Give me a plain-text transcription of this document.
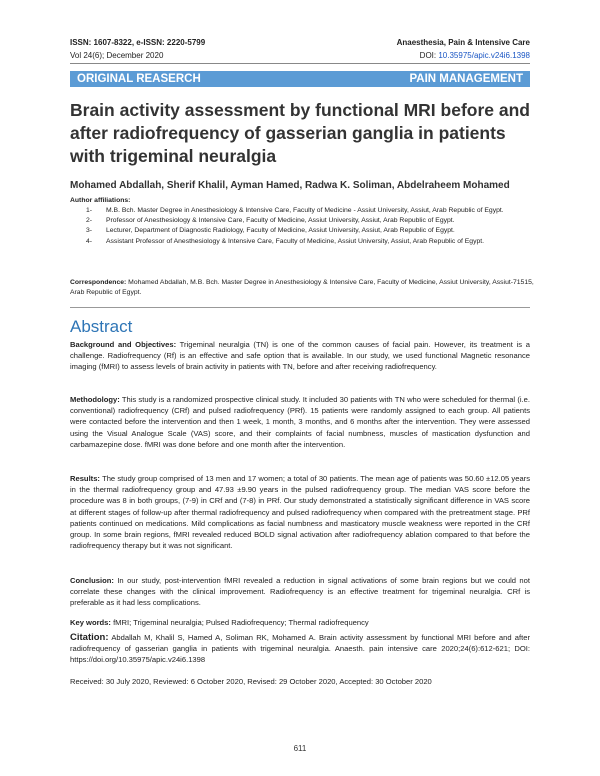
ISSN: 1607-8322, e-ISSN: 2220-5799	Anaesthesia, Pain & Intensive Care
Vol 24(6); December 2020	DOI: 10.35975/apic.v24i6.1398
ORIGINAL REASERCH	PAIN MANAGEMENT
Brain activity assessment by functional MRI before and after radiofrequency of gasserian ganglia in patients with trigeminal neuralgia
Mohamed Abdallah, Sherif Khalil, Ayman Hamed, Radwa K. Soliman, Abdelraheem Mohamed
Author affiliations:
1-	M.B. Bch. Master Degree in Anesthesiology & Intensive Care, Faculty of Medicine - Assiut University, Assiut, Arab Republic of Egypt.
2-	Professor of Anesthesiology & Intensive Care, Faculty of Medicine, Assiut University, Assiut, Arab Republic of Egypt.
3-	Lecturer, Department of Diagnostic Radiology, Faculty of Medicine, Assiut University, Assiut, Arab Republic of Egypt.
4-	Assistant Professor of Anesthesiology & Intensive Care, Faculty of Medicine, Assiut University, Assiut, Arab Republic of Egypt.
Correspondence: Mohamed Abdallah, M.B. Bch. Master Degree in Anesthesiology & Intensive Care, Faculty of Medicine, Assiut University, Assiut-71515, Arab Republic of Egypt.
Abstract
Background and Objectives: Trigeminal neuralgia (TN) is one of the common causes of facial pain. However, its treatment is a challenge. Radiofrequency (Rf) is an effective and safe option that is available. In our study, we used functional Magnetic resonance imaging (fMRI) to assess levels of brain activity in patients with TN, before and after receiving radiofrequency.
Methodology: This study is a randomized prospective clinical study. It included 30 patients with TN who were scheduled for thermal (i.e. conventional) radiofrequency (CRf) and pulsed radiofrequency (PRf). 15 patients were randomly assigned to each group. All patients were contacted before the intervention and then 1 week, 1 month, 3 months, and 6 months after the intervention. They were assessed using the Visual Analogue Scale (VAS) score, and their complaints of facial numbness, muscles of mastication dysfunction and carbamazepine dose. fMRI was done before and one month after the intervention.
Results: The study group comprised of 13 men and 17 women; a total of 30 patients. The mean age of patients was 50.60 ±12.05 years in the thermal radiofrequency group and 47.93 ±9.90 years in the pulsed radiofrequency group. The median VAS score before the procedure was 8 in both groups, (7-9) in CRf and (7-8) in PRf. Our study demonstrated a statistically significant difference in VAS score at different stages of follow-up after thermal radiofrequency and pulsed radiofrequency when compared with the pretreatment stage. PRf patients continued on medications. Mild complications as facial numbness and masticatory muscle weakness were reported in the CRf group. In some brain regions, fMRI revealed reduced BOLD signal activation after radiofrequency ablation compared to that before the radiofrequency therapy but it was not significant.
Conclusion: In our study, post-intervention fMRI revealed a reduction in signal activations of some brain regions but we could not correlate these changes with the clinical improvement. Radiofrequency is an effective treatment for trigeminal neuralgia. CRf is preferable as it had less complications.
Key words: fMRI; Trigeminal neuralgia; Pulsed Radiofrequency; Thermal radiofrequency
Citation: Abdallah M, Khalil S, Hamed A, Soliman RK, Mohamed A. Brain activity assessment by functional MRI before and after radiofrequency of gasserian ganglia in patients with trigeminal neuralgia. Anaesth. pain intensive care 2020;24(6):612-621; DOI: https://doi.org/10.35975/apic.v24i6.1398
Received: 30 July 2020, Reviewed: 6 October 2020, Revised: 29 October 2020, Accepted: 30 October 2020
611
